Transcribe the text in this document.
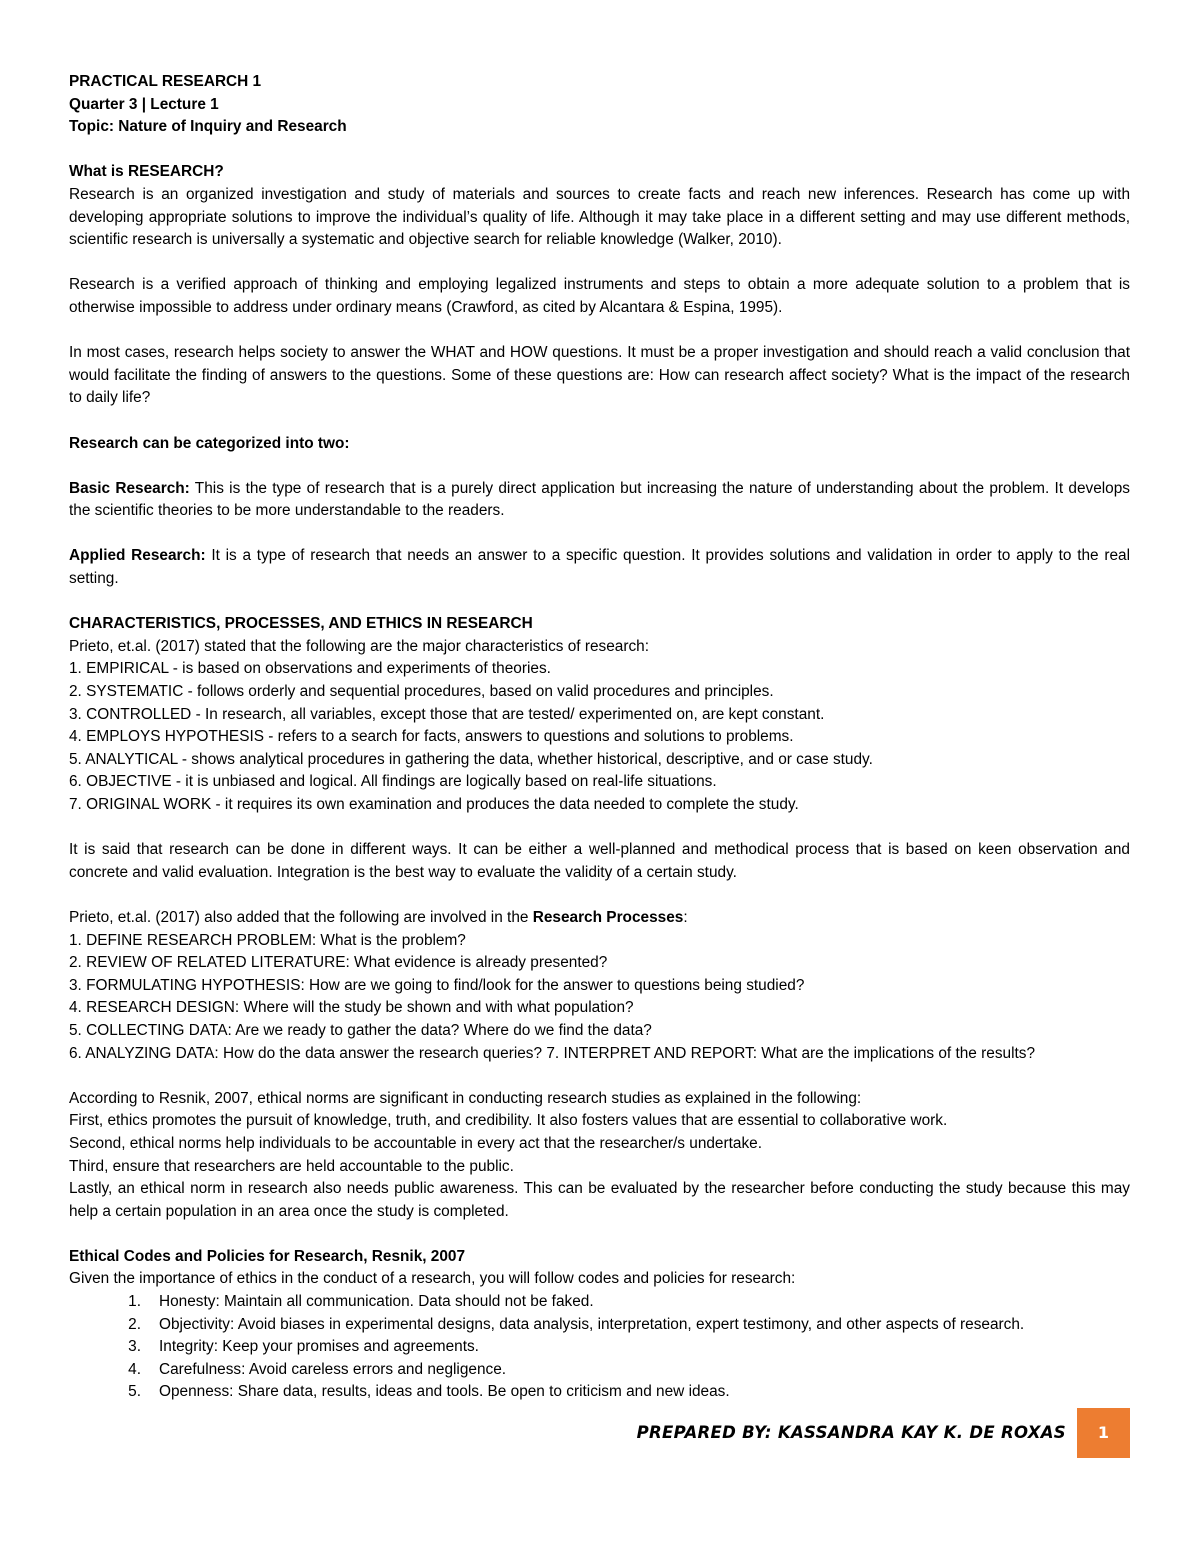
PRACTICAL RESEARCH 1

Quarter 3 | Lecture 1

Topic: Nature of Inquiry and Research

What is RESEARCH?

Research is an organized investigation and study of materials and sources to create facts and reach new inferences. Research has come up with developing appropriate solutions to improve the individual’s quality of life. Although it may take place in a different setting and may use different methods, scientific research is universally a systematic and objective search for reliable knowledge (Walker, 2010).

Research is a verified approach of thinking and employing legalized instruments and steps to obtain a more adequate solution to a problem that is otherwise impossible to address under ordinary means (Crawford, as cited by Alcantara & Espina, 1995).

In most cases, research helps society to answer the WHAT and HOW questions. It must be a proper investigation and should reach a valid conclusion that would facilitate the finding of answers to the questions. Some of these questions are: How can research affect society? What is the impact of the research to daily life?

Research can be categorized into two:

Basic Research: This is the type of research that is a purely direct application but increasing the nature of understanding about the problem. It develops the scientific theories to be more understandable to the readers.

Applied Research: It is a type of research that needs an answer to a specific question. It provides solutions and validation in order to apply to the real setting.

CHARACTERISTICS, PROCESSES, AND ETHICS IN RESEARCH

Prieto, et.al. (2017) stated that the following are the major characteristics of research:

1. EMPIRICAL - is based on observations and experiments of theories.

2. SYSTEMATIC - follows orderly and sequential procedures, based on valid procedures and principles.

3. CONTROLLED - In research, all variables, except those that are tested/ experimented on, are kept constant.

4. EMPLOYS HYPOTHESIS - refers to a search for facts, answers to questions and solutions to problems.

5. ANALYTICAL - shows analytical procedures in gathering the data, whether historical, descriptive, and or case study.

6. OBJECTIVE - it is unbiased and logical. All findings are logically based on real-life situations.

7. ORIGINAL WORK - it requires its own examination and produces the data needed to complete the study.

It is said that research can be done in different ways. It can be either a well-planned and methodical process that is based on keen observation and concrete and valid evaluation. Integration is the best way to evaluate the validity of a certain study.

Prieto, et.al. (2017) also added that the following are involved in the Research Processes:

1. DEFINE RESEARCH PROBLEM: What is the problem?

2. REVIEW OF RELATED LITERATURE: What evidence is already presented?

3. FORMULATING HYPOTHESIS: How are we going to find/look for the answer to questions being studied?

4. RESEARCH DESIGN: Where will the study be shown and with what population?

5. COLLECTING DATA: Are we ready to gather the data? Where do we find the data?

6. ANALYZING DATA: How do the data answer the research queries? 7. INTERPRET AND REPORT: What are the implications of the results?

According to Resnik, 2007, ethical norms are significant in conducting research studies as explained in the following:

First, ethics promotes the pursuit of knowledge, truth, and credibility. It also fosters values that are essential to collaborative work.

Second, ethical norms help individuals to be accountable in every act that the researcher/s undertake.

Third, ensure that researchers are held accountable to the public.

Lastly, an ethical norm in research also needs public awareness. This can be evaluated by the researcher before conducting the study because this may help a certain population in an area once the study is completed.

Ethical Codes and Policies for Research, Resnik, 2007

Given the importance of ethics in the conduct of a research, you will follow codes and policies for research:

1.	Honesty: Maintain all communication. Data should not be faked.
2.	Objectivity: Avoid biases in experimental designs, data analysis, interpretation, expert testimony, and other aspects of research.
3.	Integrity: Keep your promises and agreements.
4.	Carefulness: Avoid careless errors and negligence.
5.	Openness: Share data, results, ideas and tools. Be open to criticism and new ideas.
PREPARED BY: KASSANDRA KAY K. DE ROXAS	1
